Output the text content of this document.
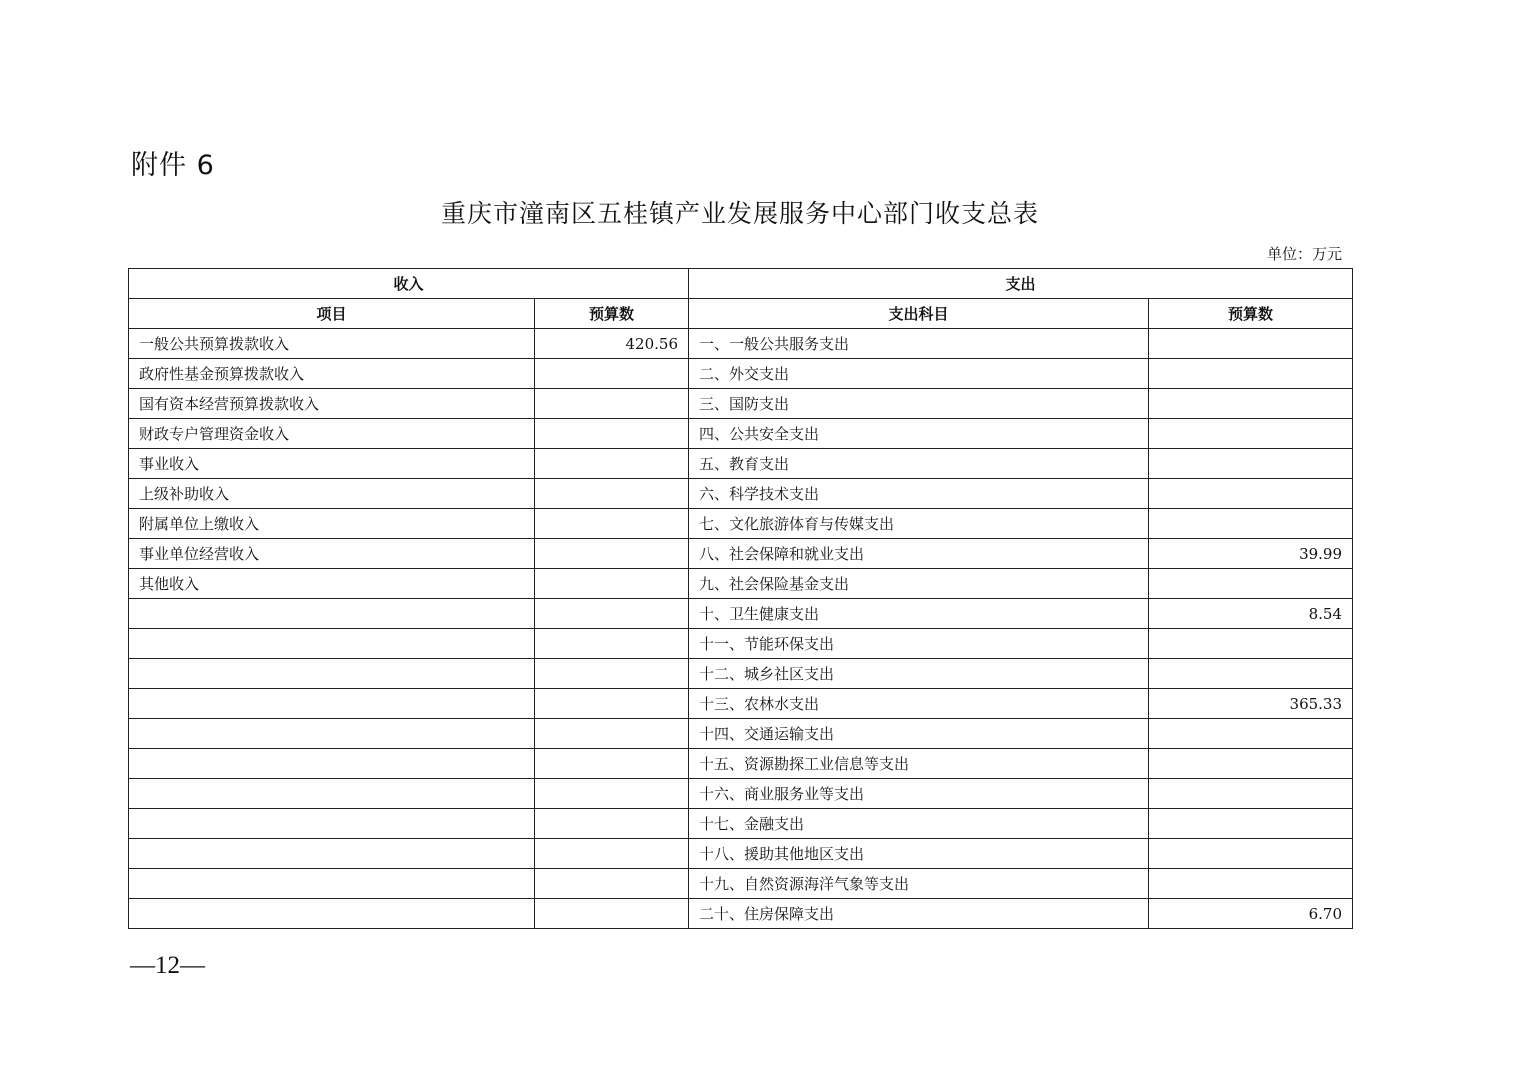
附件 6
重庆市潼南区五桂镇产业发展服务中心部门收支总表
单位：万元
收入		支出	
项目	预算数	支出科目	预算数
一般公共预算拨款收入	420.56	一、一般公共服务支出	
政府性基金预算拨款收入		二、外交支出	
国有资本经营预算拨款收入		三、国防支出	
财政专户管理资金收入		四、公共安全支出	
事业收入		五、教育支出	
上级补助收入		六、科学技术支出	
附属单位上缴收入		七、文化旅游体育与传媒支出	
事业单位经营收入		八、社会保障和就业支出	39.99
其他收入		九、社会保险基金支出	
		十、卫生健康支出	8.54
		十一、节能环保支出	
		十二、城乡社区支出	
		十三、农林水支出	365.33
		十四、交通运输支出	
		十五、资源勘探工业信息等支出	
		十六、商业服务业等支出	
		十七、金融支出	
		十八、援助其他地区支出	
		十九、自然资源海洋气象等支出	
		二十、住房保障支出	6.70
—12—
